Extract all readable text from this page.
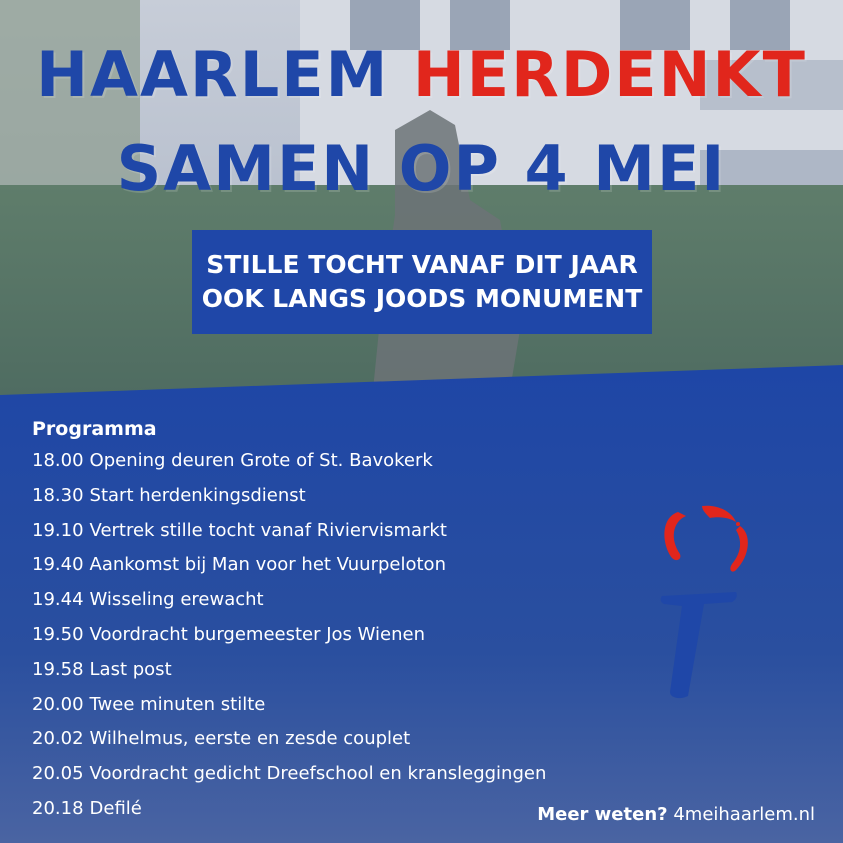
HAARLEM HERDENKT
SAMEN OP 4 MEI
STILLE TOCHT VANAF DIT JAAR
OOK LANGS JOODS MONUMENT
Programma
18.00 Opening deuren Grote of St. Bavokerk
18.30 Start herdenkingsdienst
19.10 Vertrek stille tocht vanaf Riviervismarkt
19.40 Aankomst bij Man voor het Vuurpeloton
19.44 Wisseling erewacht
19.50 Voordracht burgemeester Jos Wienen
19.58 Last post
20.00 Twee minuten stilte
20.02 Wilhelmus, eerste en zesde couplet
20.05 Voordracht gedicht Dreefschool en kransleggingen
20.18 Defilé	Meer weten? 4meihaarlem.nl
